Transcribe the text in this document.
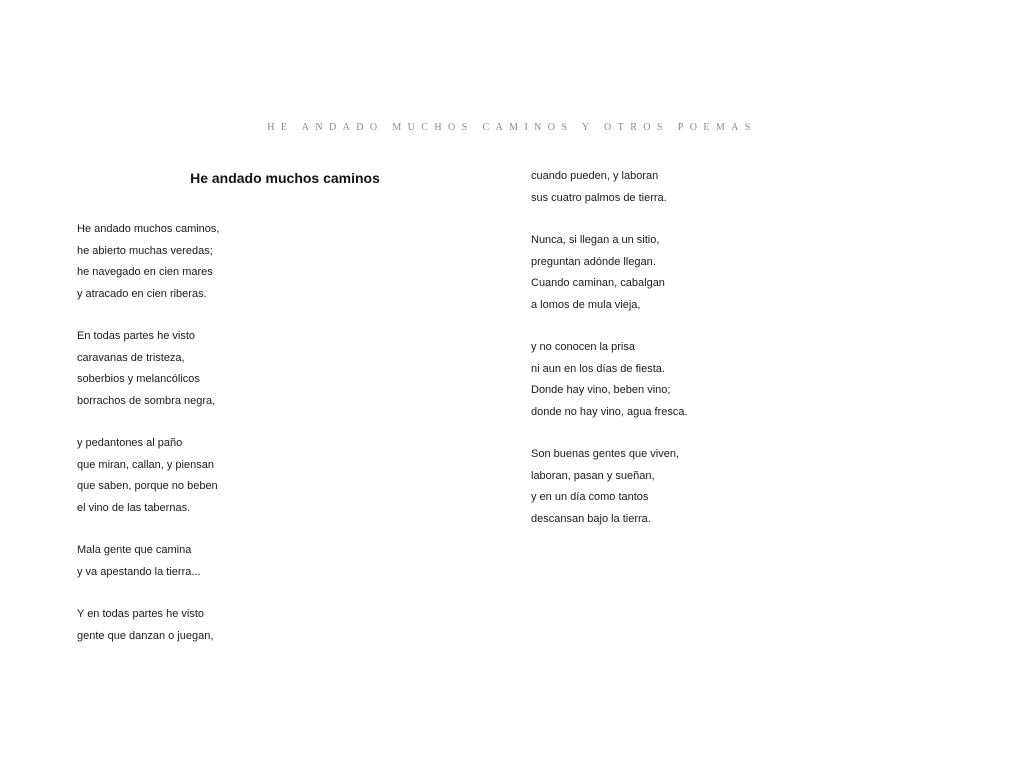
HE ANDADO MUCHOS CAMINOS Y OTROS POEMAS
He andado muchos caminos
He andado muchos caminos,
he abierto muchas veredas;
he navegado en cien mares
y atracado en cien riberas.
En todas partes he visto
caravanas de tristeza,
soberbios y melancólicos
borrachos de sombra negra,
y pedantones al paño
que miran, callan, y piensan
que saben, porque no beben
el vino de las tabernas.
Mala gente que camina
y va apestando la tierra...
Y en todas partes he visto
gente que danzan o juegan,
cuando pueden, y laboran
sus cuatro palmos de tierra.
Nunca, si llegan a un sitio,
preguntan adónde llegan.
Cuando caminan, cabalgan
a lomos de mula vieja,
y no conocen la prisa
ni aun en los días de fiesta.
Donde hay vino, beben vino;
donde no hay vino, agua fresca.
Son buenas gentes que viven,
laboran, pasan y sueñan,
y en un día como tantos
descansan bajo la tierra.
